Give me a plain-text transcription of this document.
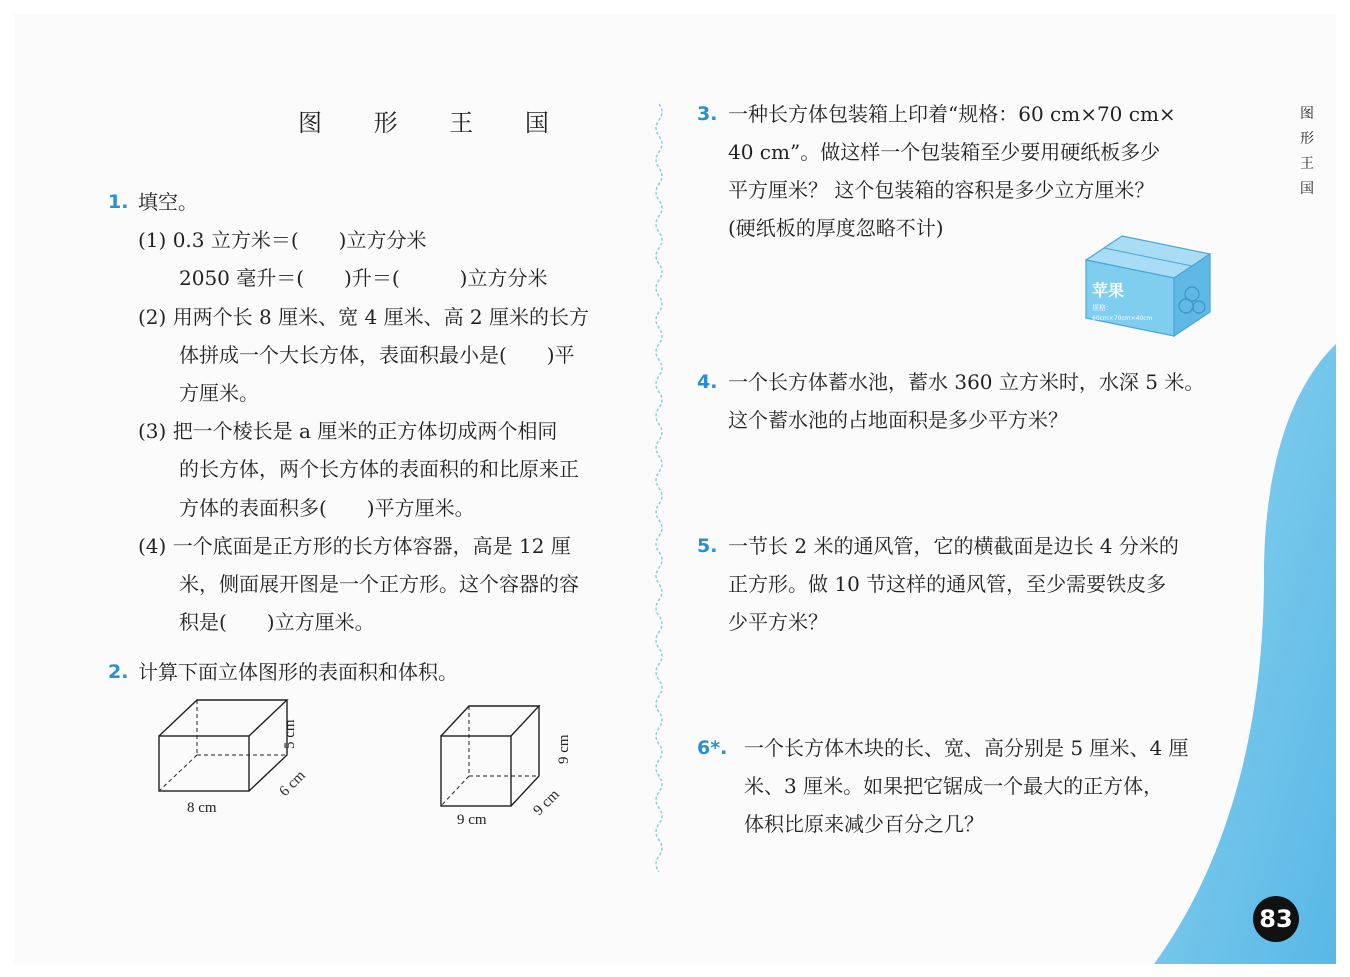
图 形 王 国	图
形
王
国
1. 填空。
(1) 0.3 立方米＝(　　)立方分米
2050 毫升＝(　　)升＝(　　　)立方分米
(2) 用两个长 8 厘米、宽 4 厘米、高 2 厘米的长方
体拼成一个大长方体，表面积最小是(　　)平
方厘米。
(3) 把一个棱长是 a 厘米的正方体切成两个相同
的长方体，两个长方体的表面积的和比原来正
方体的表面积多(　　)平方厘米。
(4) 一个底面是正方形的长方体容器，高是 12 厘
米，侧面展开图是一个正方形。这个容器的容
积是(　　)立方厘米。
2. 计算下面立体图形的表面积和体积。
8 cm
6 cm
5 cm
9 cm
9 cm
9 cm
3. 一种长方体包装箱上印着“规格：60 cm×70 cm×
40 cm”。做这样一个包装箱至少要用硬纸板多少
平方厘米？ 这个包装箱的容积是多少立方厘米？
(硬纸板的厚度忽略不计)
苹果
规格：
60cm×70cm×40cm
4. 一个长方体蓄水池，蓄水 360 立方米时，水深 5 米。
这个蓄水池的占地面积是多少平方米？
5. 一节长 2 米的通风管，它的横截面是边长 4 分米的
正方形。做 10 节这样的通风管，至少需要铁皮多
少平方米？
6*. 一个长方体木块的长、宽、高分别是 5 厘米、4 厘
米、3 厘米。如果把它锯成一个最大的正方体，
体积比原来减少百分之几？
83
